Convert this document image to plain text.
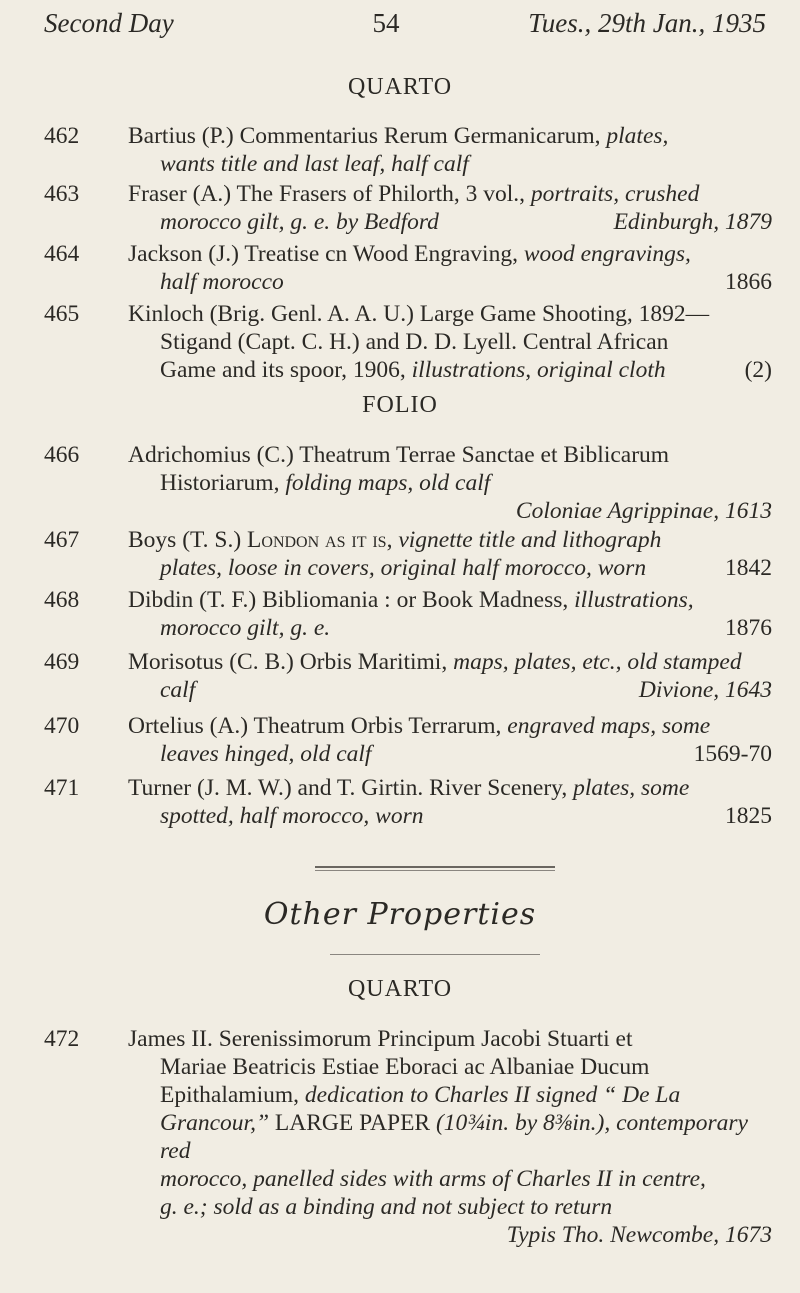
Second Day	54	Tues., 29th Jan., 1935
QUARTO
462	Bartius (P.) Commentarius Rerum Germanicarum, plates,
wants title and last leaf, half calf
463	Fraser (A.) The Frasers of Philorth, 3 vol., portraits, crushed
morocco gilt, g. e. by Bedford	Edinburgh, 1879
464	Jackson (J.) Treatise cn Wood Engraving, wood engravings,
half morocco	1866
465	Kinloch (Brig. Genl. A. A. U.) Large Game Shooting, 1892—
Stigand (Capt. C. H.) and D. D. Lyell. Central African
Game and its spoor, 1906, illustrations, original cloth	(2)
FOLIO
466	Adrichomius (C.) Theatrum Terrae Sanctae et Biblicarum
Historiarum, folding maps, old calf
Coloniae Agrippinae, 1613

467	Boys (T. S.) London as it is, vignette title and lithograph
plates, loose in covers, original half morocco, worn	1842
468	Dibdin (T. F.) Bibliomania : or Book Madness, illustrations,
morocco gilt, g. e.	1876
469	Morisotus (C. B.) Orbis Maritimi, maps, plates, etc., old stamped
calf	Divione, 1643
470	Ortelius (A.) Theatrum Orbis Terrarum, engraved maps, some
leaves hinged, old calf	1569-70
471	Turner (J. M. W.) and T. Girtin. River Scenery, plates, some
spotted, half morocco, worn	1825
Other Properties
QUARTO
472	James II. Serenissimorum Principum Jacobi Stuarti et
Mariae Beatricis Estiae Eboraci ac Albaniae Ducum
Epithalamium, dedication to Charles II signed “ De La
Grancour,” LARGE PAPER (10¾in. by 8⅜in.), contemporary red
morocco, panelled sides with arms of Charles II in centre,
g. e.; sold as a binding and not subject to return
Typis Tho. Newcombe, 1673
